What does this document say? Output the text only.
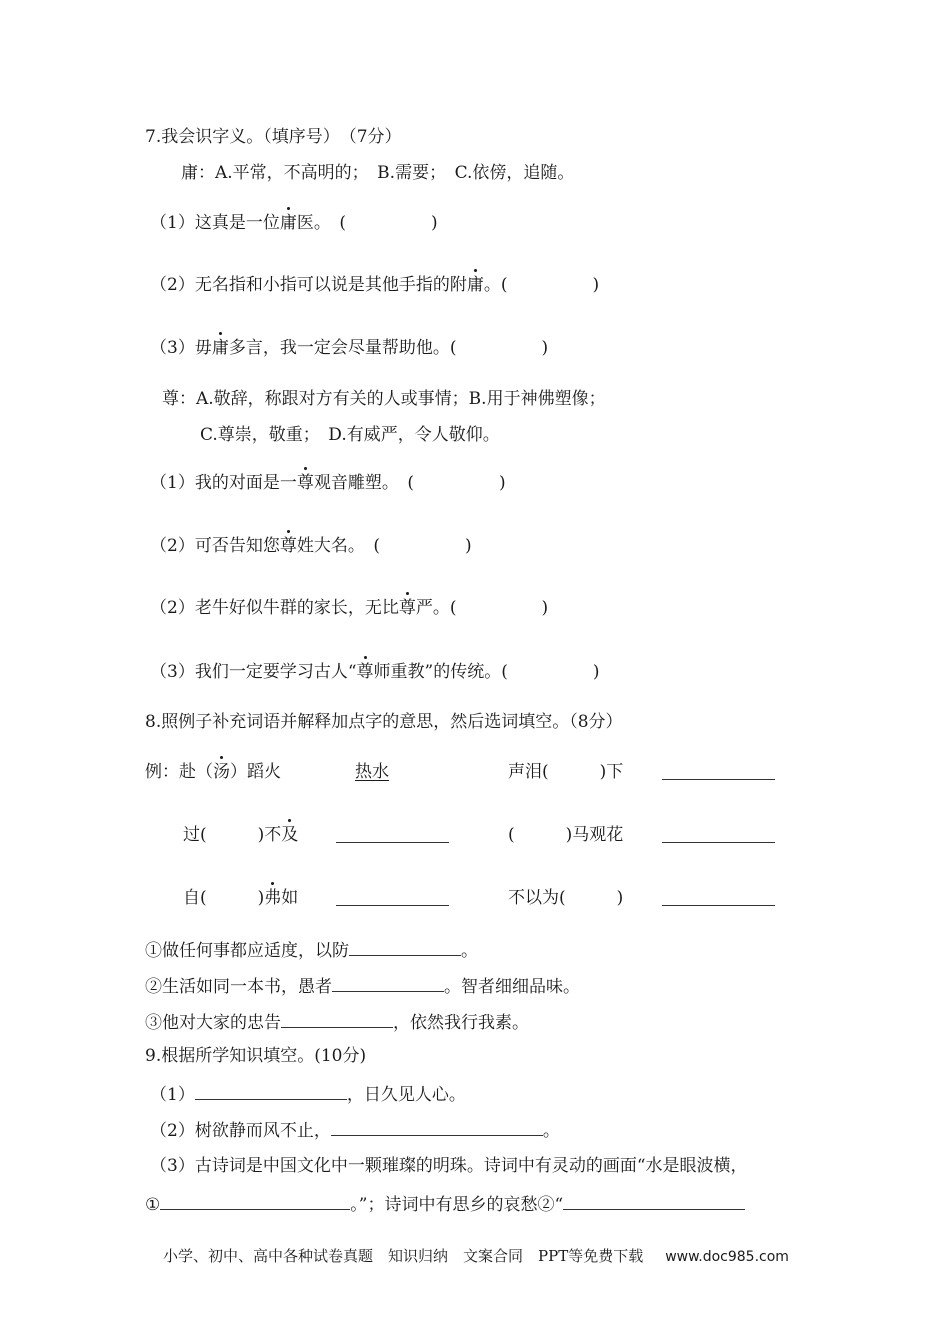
7.我会识字义。（填序号）　（7分）
庸：A.平常，不高明的；　B.需要；　C.依傍，追随。
（1）这真是一位庸医。　(　　　　　)
（2）无名指和小指可以说是其他手指的附庸。(　　　　　)
（3）毋庸多言，我一定会尽量帮助他。(　　　　　)
尊：A.敬辞，称跟对方有关的人或事情；B.用于神佛塑像；
C.尊崇，敬重；　D.有威严，令人敬仰。
（1）我的对面是一尊观音雕塑。　(　　　　　)
（2）可否告知您尊姓大名。　(　　　　　)
（2）老牛好似牛群的家长，无比尊严。(　　　　　)
（3）我们一定要学习古人“尊师重教”的传统。(　　　　　)
8.照例子补充词语并解释加点字的意思，然后选词填空。（8分）
例：赴（汤）蹈火	热水	声泪(　　　)下
过(　　　)不及	(　　　)马观花
自(　　　)弗如	不以为(　　　)
①做任何事都应适度，以防	。
②生活如同一本书，愚者	。智者细细品味。
③他对大家的忠告	，依然我行我素。
9.根据所学知识填空。(10分)
（1）	，日久见人心。
（2）树欲静而风不止，	。
（3）古诗词是中国文化中一颗璀璨的明珠。诗词中有灵动的画面“水是眼波横，
①	。”；诗词中有思乡的哀愁②“
小学、初中、高中各种试卷真题　知识归纳　文案合同　PPT等免费下载 www.doc985.com
